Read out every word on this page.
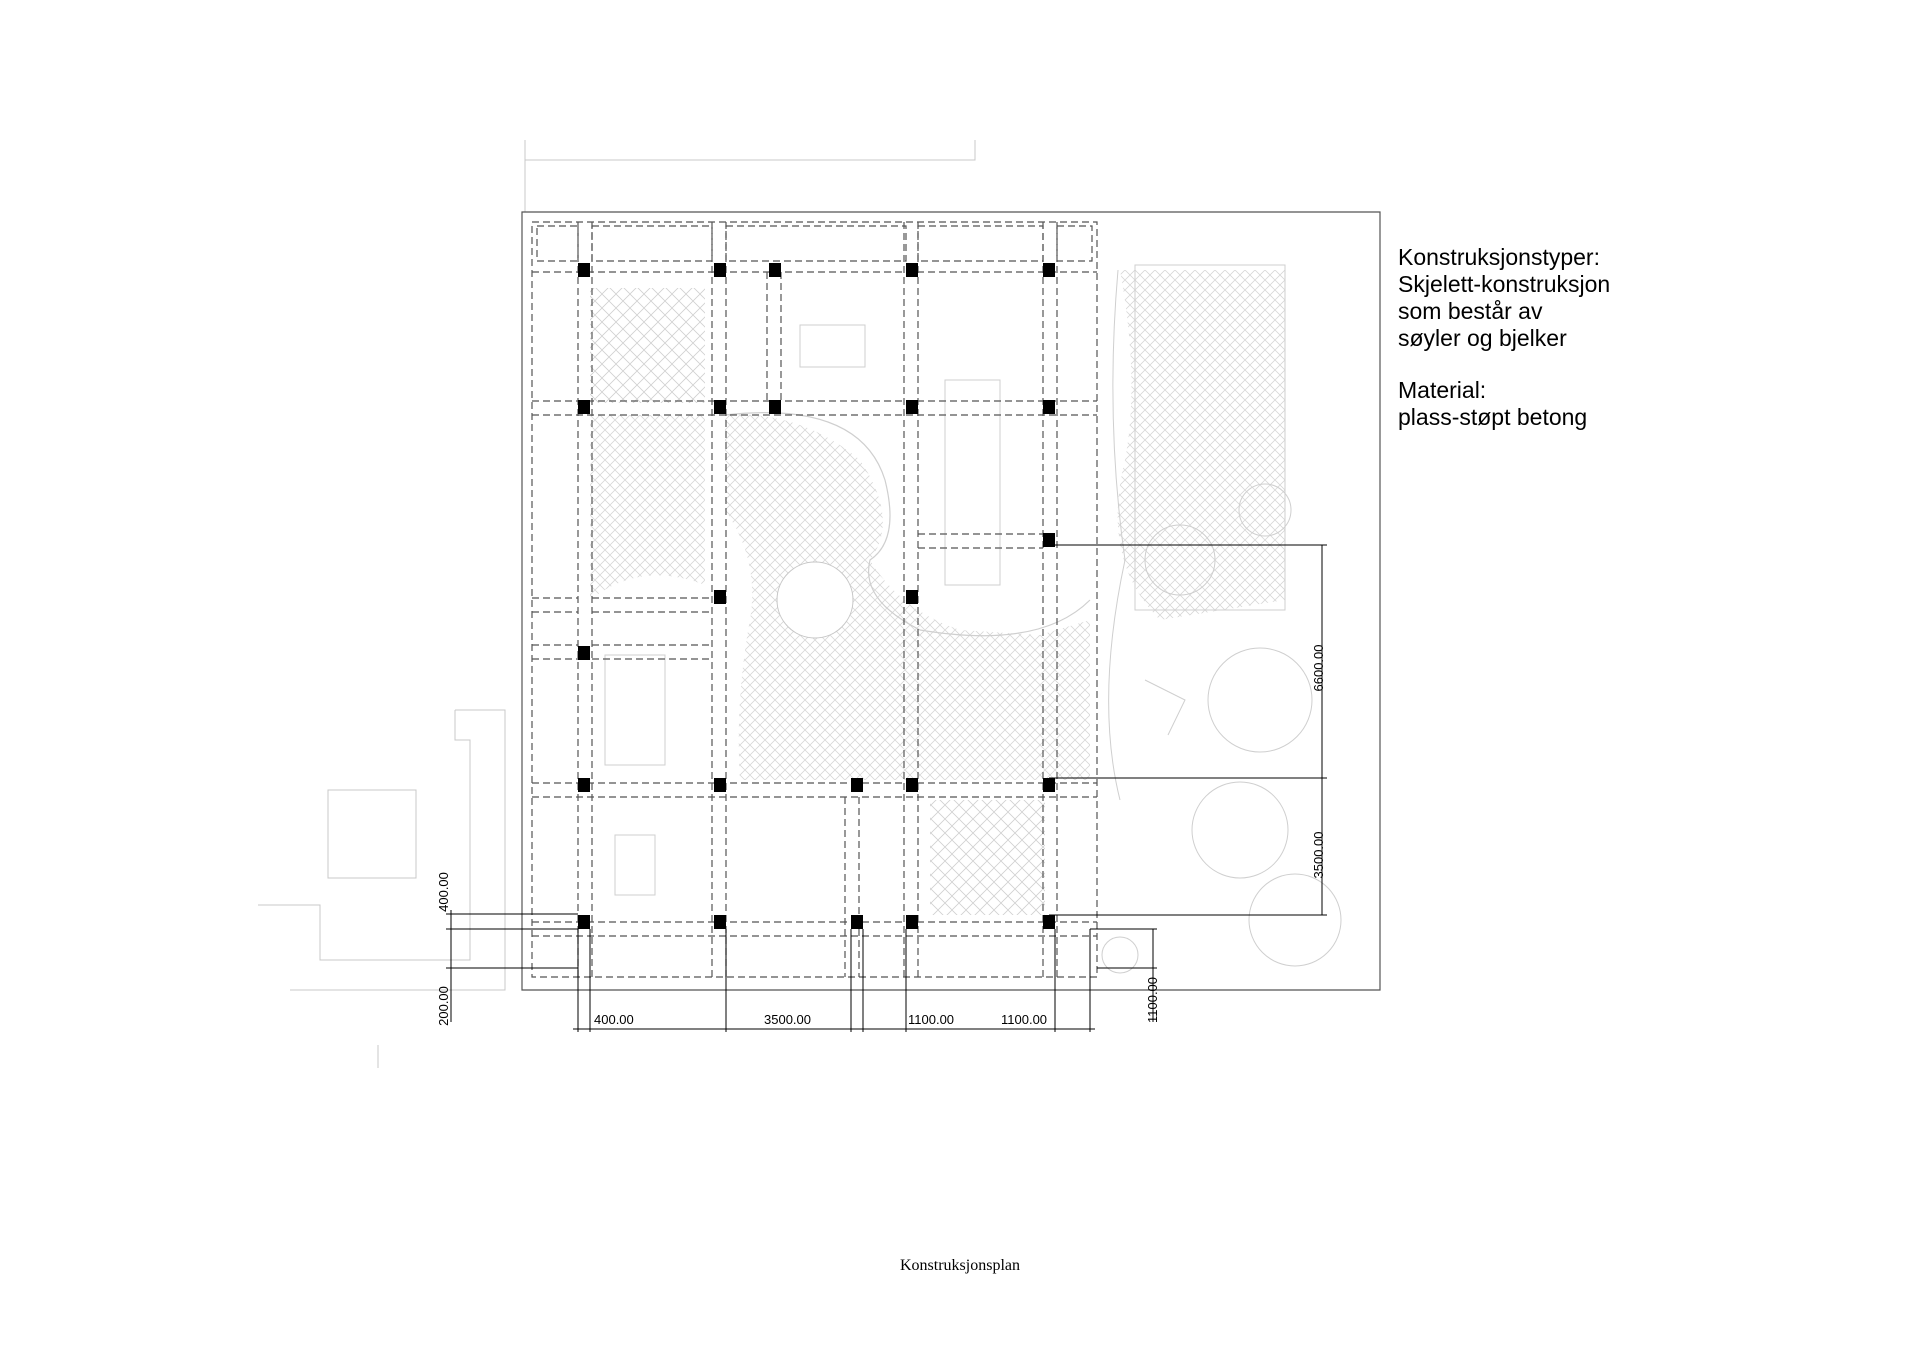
6600.00
3500.00
400.00
200.00	1100.00
400.00	3500.00	1100.00	1100.00

Konstruksjonstyper:

Skjelett-konstruksjon

som består av

søyler og bjelker

Material:

plass-støpt betong

Konstruksjonsplan
